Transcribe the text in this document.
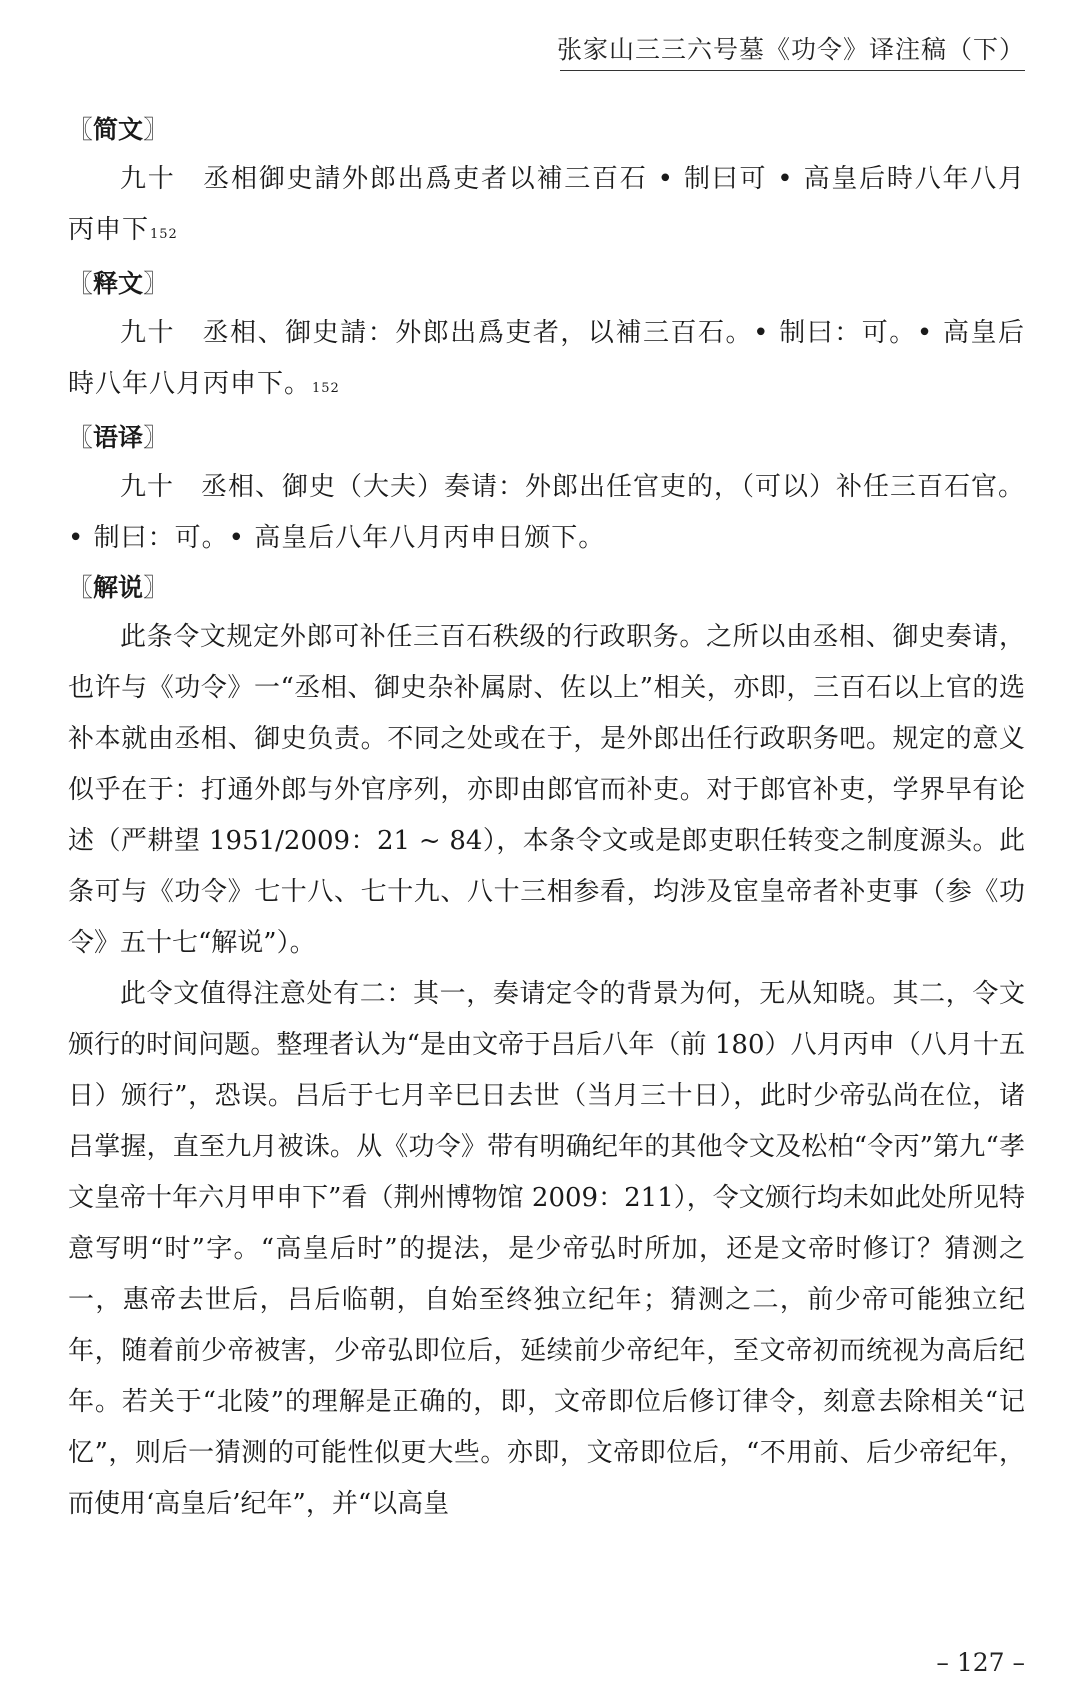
张家山三三六号墓《功令》译注稿（下）
〖简文〗

九十　丞相御史請外郎出爲吏者以補三百石 • 制曰可 • 高皇后時八年八月丙申下152

〖释文〗

九十　丞相、御史請：外郎出爲吏者，以補三百石。• 制曰：可。• 高皇后時八年八月丙申下。152

〖语译〗

九十　丞相、御史（大夫）奏请：外郎出任官吏的，（可以）补任三百石官。• 制曰：可。• 高皇后八年八月丙申日颁下。

〖解说〗

此条令文规定外郎可补任三百石秩级的行政职务。之所以由丞相、御史奏请，也许与《功令》一“丞相、御史杂补属尉、佐以上”相关，亦即，三百石以上官的选补本就由丞相、御史负责。不同之处或在于，是外郎出任行政职务吧。规定的意义似乎在于：打通外郎与外官序列，亦即由郎官而补吏。对于郎官补吏，学界早有论述（严耕望 1951/2009：21 ~ 84），本条令文或是郎吏职任转变之制度源头。此条可与《功令》七十八、七十九、八十三相参看，均涉及宦皇帝者补吏事（参《功令》五十七“解说”）。

此令文值得注意处有二：其一，奏请定令的背景为何，无从知晓。其二，令文颁行的时间问题。整理者认为“是由文帝于吕后八年（前 180）八月丙申（八月十五日）颁行”，恐误。吕后于七月辛巳日去世（当月三十日），此时少帝弘尚在位，诸吕掌握，直至九月被诛。从《功令》带有明确纪年的其他令文及松柏“令丙”第九“孝文皇帝十年六月甲申下”看（荆州博物馆 2009：211），令文颁行均未如此处所见特意写明“时”字。“高皇后时”的提法，是少帝弘时所加，还是文帝时修订？猜测之一，惠帝去世后，吕后临朝，自始至终独立纪年；猜测之二，前少帝可能独立纪年，随着前少帝被害，少帝弘即位后，延续前少帝纪年，至文帝初而统视为高后纪年。若关于“北陵”的理解是正确的，即，文帝即位后修订律令，刻意去除相关“记忆”，则后一猜测的可能性似更大些。亦即，文帝即位后，“不用前、后少帝纪年，而使用‘高皇后’纪年”，并“以高皇

– 127 –
